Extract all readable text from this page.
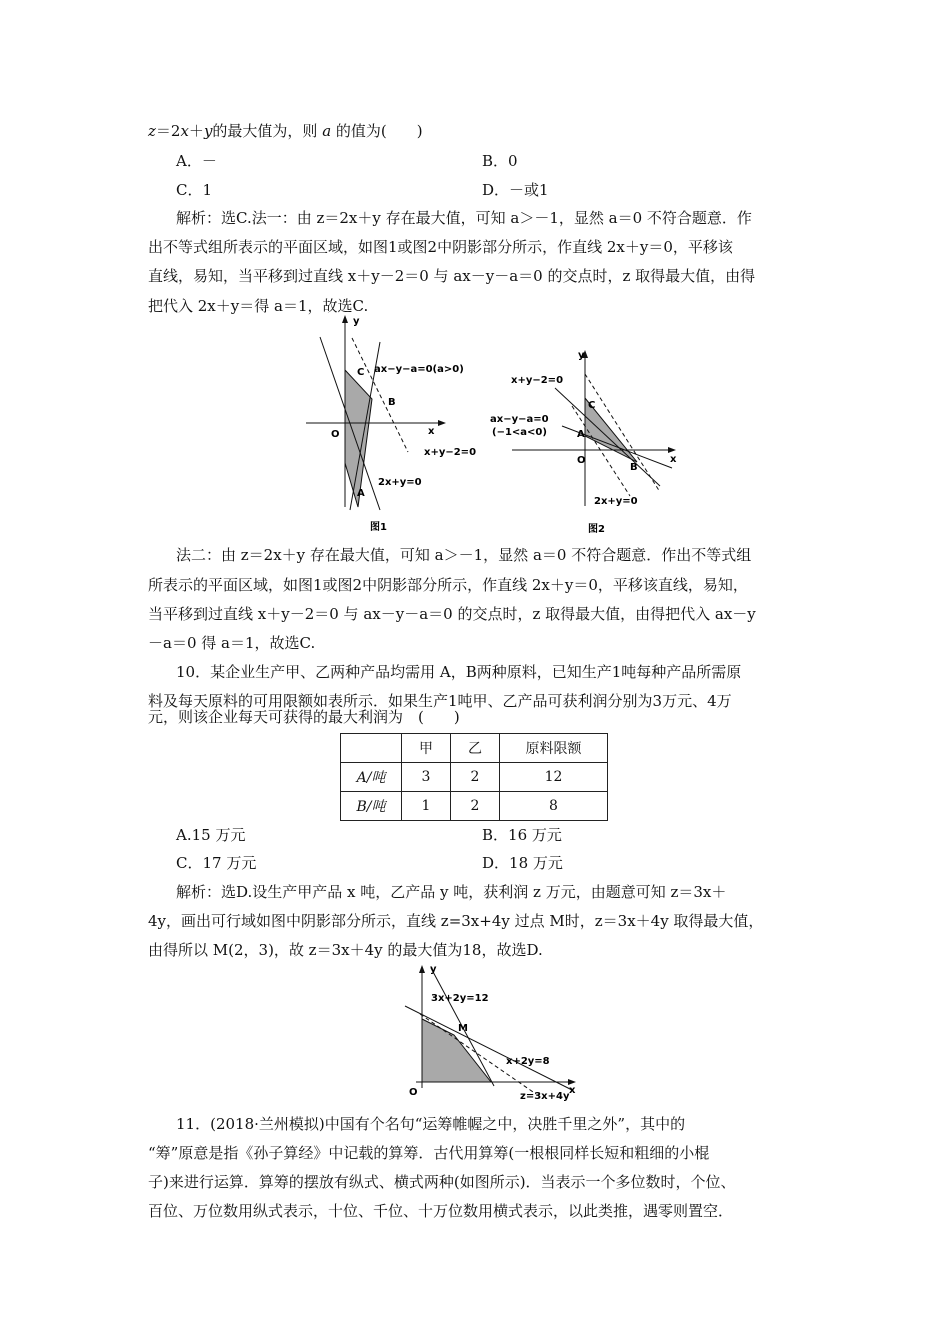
z＝2x＋y的最大值为，则 a 的值为(　　)
A．－	B．0
C．1	D．－或1
解析：选C.法一：由 z＝2x＋y 存在最大值，可知 a＞－1，显然 a＝0 不符合题意．作
出不等式组所表示的平面区域，如图1或图2中阴影部分所示，作直线 2x＋y＝0，平移该
直线，易知，当平移到过直线 x＋y－2＝0 与 ax－y－a＝0 的交点时，z 取得最大值，由得
把代入 2x＋y＝得 a＝1，故选C.
y
x
O
C
B
A
ax−y−a=0(a>0)
x+y−2=0
2x+y=0
图1
y
x
O
C
B
A
x+y−2=0
ax−y−a=0
(−1<a<0)
2x+y=0
图2
法二：由 z＝2x＋y 存在最大值，可知 a＞－1，显然 a＝0 不符合题意．作出不等式组
所表示的平面区域，如图1或图2中阴影部分所示，作直线 2x＋y＝0，平移该直线，易知，
当平移到过直线 x＋y－2＝0 与 ax－y－a＝0 的交点时，z 取得最大值，由得把代入 ax－y
－a＝0 得 a＝1，故选C.
10．某企业生产甲、乙两种产品均需用 A，B两种原料，已知生产1吨每种产品所需原
料及每天原料的可用限额如表所示．如果生产1吨甲、乙产品可获利润分别为3万元、4万
元，则该企业每天可获得的最大利润为　(　　)
	甲	乙	原料限额
A/吨	3	2	12
B/吨	1	2	8
A.15 万元	B．16 万元
C．17 万元	D．18 万元
解析：选D.设生产甲产品 x 吨，乙产品 y 吨，获利润 z 万元，由题意可知 z＝3x＋
4y，画出可行域如图中阴影部分所示，直线 z=3x+4y 过点 M时，z＝3x＋4y 取得最大值，
由得所以 M(2，3)，故 z＝3x＋4y 的最大值为18，故选D.
y
x
O
M
3x+2y=12
x+2y=8
z=3x+4y
11．(2018·兰州模拟)中国有个名句“运筹帷幄之中，决胜千里之外”，其中的
“筹”原意是指《孙子算经》中记载的算筹．古代用算筹(一根根同样长短和粗细的小棍
子)来进行运算．算筹的摆放有纵式、横式两种(如图所示)．当表示一个多位数时，个位、
百位、万位数用纵式表示，十位、千位、十万位数用横式表示，以此类推，遇零则置空．
